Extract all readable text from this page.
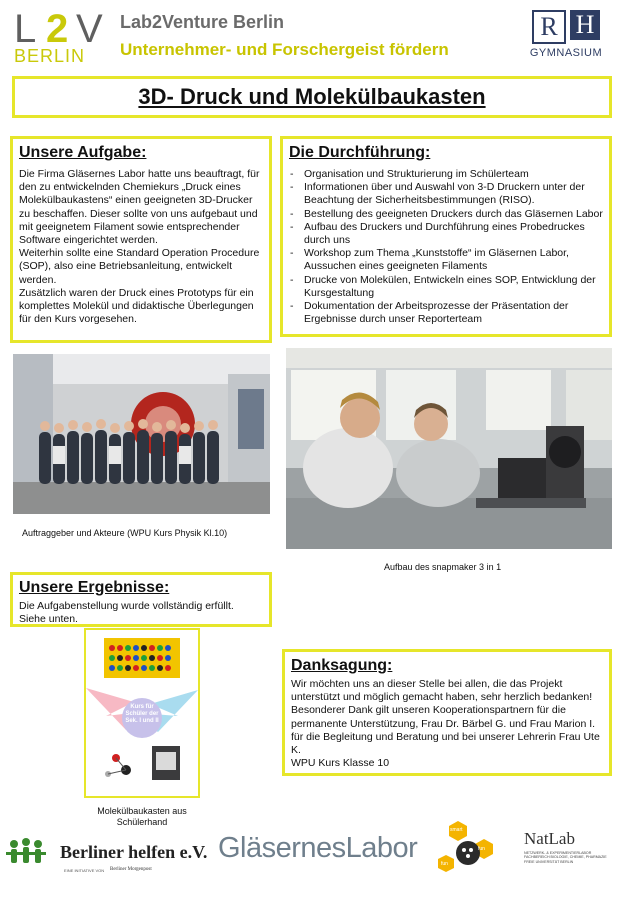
L 2 V
BERLIN
Lab2Venture Berlin
Unternehmer- und Forschergeist fördern
R H
GYMNASIUM
3D- Druck und Molekülbaukasten
Unsere Aufgabe:

Die Firma Gläsernes Labor hatte uns beauftragt, für den zu entwickelnden Chemiekurs „Druck eines Molekülbaukastens“ einen geeigneten 3D-Drucker zu beschaffen. Dieser sollte von uns aufgebaut und mit geeignetem Filament sowie entsprechender Software eingerichtet werden.

Weiterhin sollte eine Standard Operation Procedure (SOP), also eine Betriebsanleitung, entwickelt werden.

Zusätzlich waren der Druck eines Prototyps für ein komplettes Molekül und didaktische Überlegungen für den Kurs vorgesehen.

Die Durchführung:
- Organisation und Strukturierung im Schülerteam
- Informationen über und Auswahl von 3-D Druckern unter der Beachtung der Sicherheitsbestimmungen (RISO).
- Bestellung des geeigneten Druckers durch das Gläsernen Labor
- Aufbau des Druckers und Durchführung eines Probedruckes durch uns
- Workshop zum Thema „Kunststoffe“ im Gläsernen Labor, Aussuchen eines geeigneten Filaments
- Drucke von Molekülen, Entwickeln eines SOP, Entwicklung der Kursgestaltung
- Dokumentation der Arbeitsprozesse der Präsentation der Ergebnisse durch unser Reporterteam
Auftraggeber und Akteure (WPU Kurs Physik Kl.10)
Aufbau des snapmaker 3 in 1
Unsere Ergebnisse:
Die Aufgabenstellung wurde vollständig erfüllt.
Siehe unten.
Kurs für Schüler der Sek. I und II
Molekülbaukasten aus Schülerhand
Danksagung:
Wir möchten uns an dieser Stelle bei allen, die das Projekt unterstützt und möglich gemacht haben, sehr herzlich bedanken! Besonderer Dank gilt unseren Kooperationspartnern für die permanente Unterstützung, Frau Dr. Bärbel G. und Frau Marion I. für die Begleitung und Beratung und bei unserer Lehrerin Frau Ute K.
WPU Kurs Klasse 10
Berliner helfen e.V.
EINE INITIATIVE VON Berliner Morgenpost
GläsernesLabor
smart
fun
fun
NatLab
NETZWERK- & EXPERIMENTIERLABOR FACHBEREICH BIOLOGIE, CHEMIE, PHARMAZIE FREIE UNIVERSITÄT BERLIN
